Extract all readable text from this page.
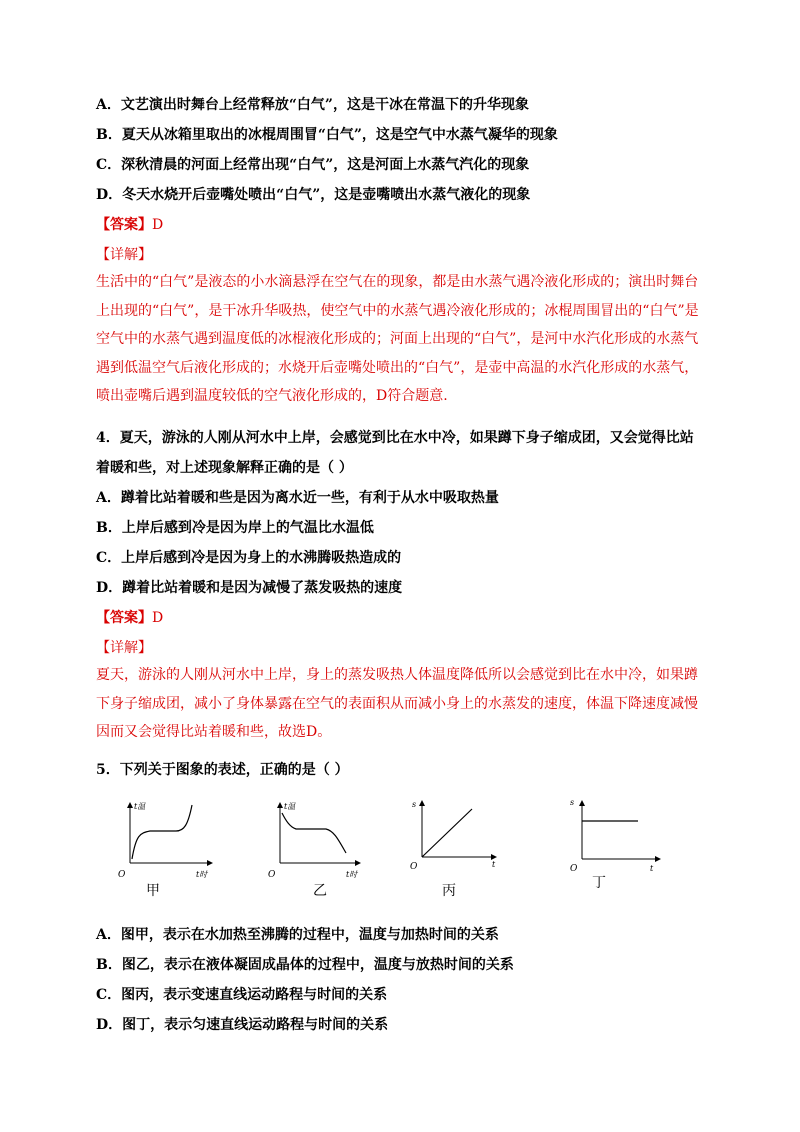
A．文艺演出时舞台上经常释放“白气”，这是干冰在常温下的升华现象
B．夏天从冰箱里取出的冰棍周围冒“白气”，这是空气中水蒸气凝华的现象
C．深秋清晨的河面上经常出现“白气”，这是河面上水蒸气汽化的现象
D．冬天水烧开后壶嘴处喷出“白气”，这是壶嘴喷出水蒸气液化的现象
【答案】D
【详解】
生活中的“白气”是液态的小水滴悬浮在空气在的现象，都是由水蒸气遇冷液化形成的；演出时舞台
上出现的“白气”，是干冰升华吸热，使空气中的水蒸气遇冷液化形成的；冰棍周围冒出的“白气”是
空气中的水蒸气遇到温度低的冰棍液化形成的；河面上出现的“白气”，是河中水汽化形成的水蒸气
遇到低温空气后液化形成的；水烧开后壶嘴处喷出的“白气”，是壶中高温的水汽化形成的水蒸气，
喷出壶嘴后遇到温度较低的空气液化形成的，D符合题意.
4．夏天，游泳的人刚从河水中上岸，会感觉到比在水中冷，如果蹲下身子缩成团，又会觉得比站
着暖和些，对上述现象解释正确的是（ ）
A．蹲着比站着暖和些是因为离水近一些，有利于从水中吸取热量
B．上岸后感到冷是因为岸上的气温比水温低
C．上岸后感到冷是因为身上的水沸腾吸热造成的
D．蹲着比站着暖和是因为减慢了蒸发吸热的速度
【答案】D
【详解】
夏天，游泳的人刚从河水中上岸，身上的蒸发吸热人体温度降低所以会感觉到比在水中冷，如果蹲
下身子缩成团，减小了身体暴露在空气的表面积从而减小身上的水蒸发的速度，体温下降速度减慢
因而又会觉得比站着暖和些，故选D。
5．下列关于图象的表述，正确的是（ ）
t温
O	t时
甲
t温
O	t时
乙
s
O	t
丙
s
O	t
丁
A．图甲，表示在水加热至沸腾的过程中，温度与加热时间的关系
B．图乙，表示在液体凝固成晶体的过程中，温度与放热时间的关系
C．图丙，表示变速直线运动路程与时间的关系
D．图丁，表示匀速直线运动路程与时间的关系
